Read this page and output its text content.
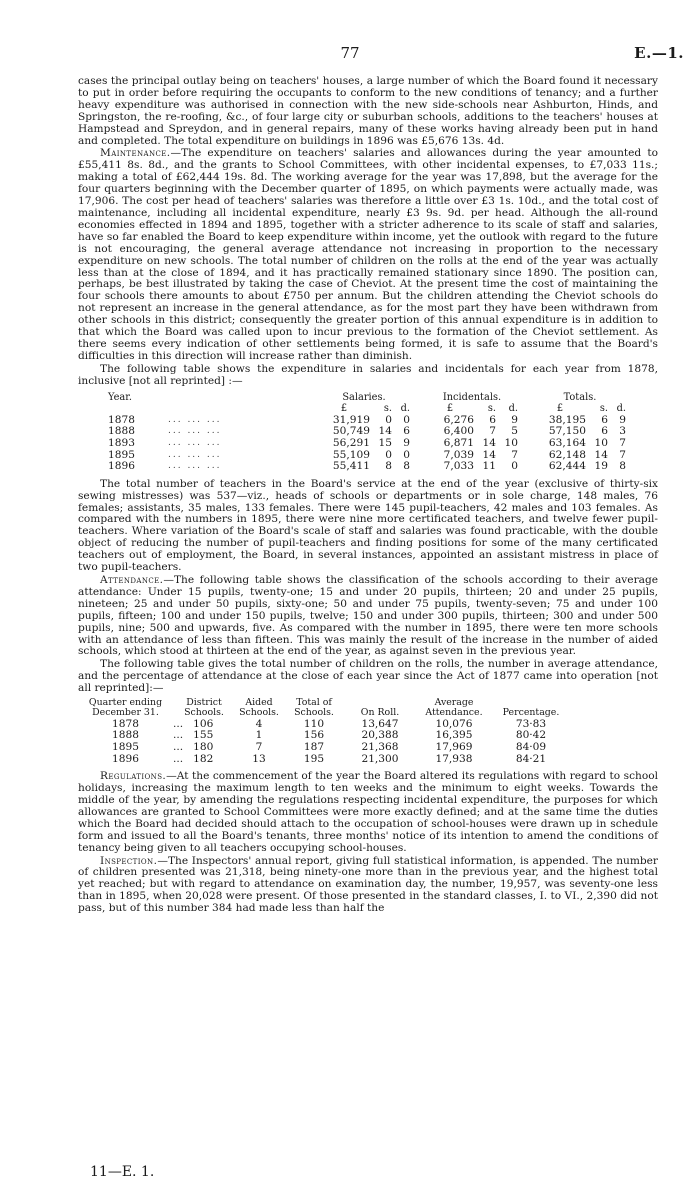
77	E.—1.

cases the principal outlay being on teachers' houses, a large number of which the Board found it necessary to put in order before requiring the occupants to conform to the new conditions of tenancy; and a further heavy expenditure was authorised in connection with the new side-schools near Ashburton, Hinds, and Springston, the re-roofing, &c., of four large city or suburban schools, additions to the teachers' houses at Hampstead and Spreydon, and in general repairs, many of these works having already been put in hand and completed. The total expenditure on buildings in 1896 was £5,676 13s. 4d.

Maintenance.—The expenditure on teachers' salaries and allowances during the year amounted to £55,411 8s. 8d., and the grants to School Committees, with other incidental expenses, to £7,033 11s.; making a total of £62,444 19s. 8d. The working average for the year was 17,898, but the average for the four quarters beginning with the December quarter of 1895, on which payments were actually made, was 17,906. The cost per head of teachers' salaries was therefore a little over £3 1s. 10d., and the total cost of maintenance, including all incidental expenditure, nearly £3 9s. 9d. per head. Although the all-round economies effected in 1894 and 1895, together with a stricter adherence to its scale of staff and salaries, have so far enabled the Board to keep expenditure within income, yet the outlook with regard to the future is not encouraging, the general average attendance not increasing in proportion to the necessary expenditure on new schools. The total number of children on the rolls at the end of the year was actually less than at the close of 1894, and it has practically remained stationary since 1890. The position can, perhaps, be best illustrated by taking the case of Cheviot. At the present time the cost of maintaining the four schools there amounts to about £750 per annum. But the children attending the Cheviot schools do not represent an increase in the general attendance, as for the most part they have been withdrawn from other schools in this district; consequently the greater portion of this annual expenditure is in addition to that which the Board was called upon to incur previous to the formation of the Cheviot settlement. As there seems every indication of other settlements being formed, it is safe to assume that the Board's difficulties in this direction will increase rather than diminish.

The following table shows the expenditure in salaries and incidentals for each year from 1878, inclusive [not all reprinted] :—

Year.		Salaries.				Incidentals.				Totals.		
		£	s.	d.		£	s.	d.		£	s.	d.
1878	... ... ...	31,919	0	0		6,276	6	9		38,195	6	9
1888	... ... ...	50,749	14	6		6,400	7	5		57,150	6	3
1893	... ... ...	56,291	15	9		6,871	14	10		63,164	10	7
1895	... ... ...	55,109	0	0		7,039	14	7		62,148	14	7
1896	... ... ...	55,411	8	8		7,033	11	0		62,444	19	8

The total number of teachers in the Board's service at the end of the year (exclusive of thirty-six sewing mistresses) was 537—viz., heads of schools or departments or in sole charge, 148 males, 76 females; assistants, 35 males, 133 females. There were 145 pupil-teachers, 42 males and 103 females. As compared with the numbers in 1895, there were nine more certificated teachers, and twelve fewer pupil-teachers. Where variation of the Board's scale of staff and salaries was found practicable, with the double object of reducing the number of pupil-teachers and finding positions for some of the many certificated teachers out of employment, the Board, in several instances, appointed an assistant mistress in place of two pupil-teachers.

Attendance.—The following table shows the classification of the schools according to their average attendance: Under 15 pupils, twenty-one; 15 and under 20 pupils, thirteen; 20 and under 25 pupils, nineteen; 25 and under 50 pupils, sixty-one; 50 and under 75 pupils, twenty-seven; 75 and under 100 pupils, fifteen; 100 and under 150 pupils, twelve; 150 and under 300 pupils, thirteen; 300 and under 500 pupils, nine; 500 and upwards, five. As compared with the number in 1895, there were ten more schools with an attendance of less than fifteen. This was mainly the result of the increase in the number of aided schools, which stood at thirteen at the end of the year, as against seven in the previous year.

The following table gives the total number of children on the rolls, the number in average attendance, and the percentage of attendance at the close of each year since the Act of 1877 came into operation [not all reprinted]:—

Quarter ending December 31.	District Schools.	Aided Schools.	Total of Schools.	On Roll.	Average Attendance.	Percentage.
1878	... 106	4	110	13,647	10,076	73·83
1888	... 155	1	156	20,388	16,395	80·42
1895	... 180	7	187	21,368	17,969	84·09
1896	... 182	13	195	21,300	17,938	84·21

Regulations.—At the commencement of the year the Board altered its regulations with regard to school holidays, increasing the maximum length to ten weeks and the minimum to eight weeks. Towards the middle of the year, by amending the regulations respecting incidental expenditure, the purposes for which allowances are granted to School Committees were more exactly defined; and at the same time the duties which the Board had decided should attach to the occupation of school-houses were drawn up in schedule form and issued to all the Board's tenants, three months' notice of its intention to amend the conditions of tenancy being given to all teachers occupying school-houses.

Inspection.—The Inspectors' annual report, giving full statistical information, is appended. The number of children presented was 21,318, being ninety-one more than in the previous year, and the highest total yet reached; but with regard to attendance on examination day, the number, 19,957, was seventy-one less than in 1895, when 20,028 were present. Of those presented in the standard classes, I. to VI., 2,390 did not pass, but of this number 384 had made less than half the

11—E. 1.
